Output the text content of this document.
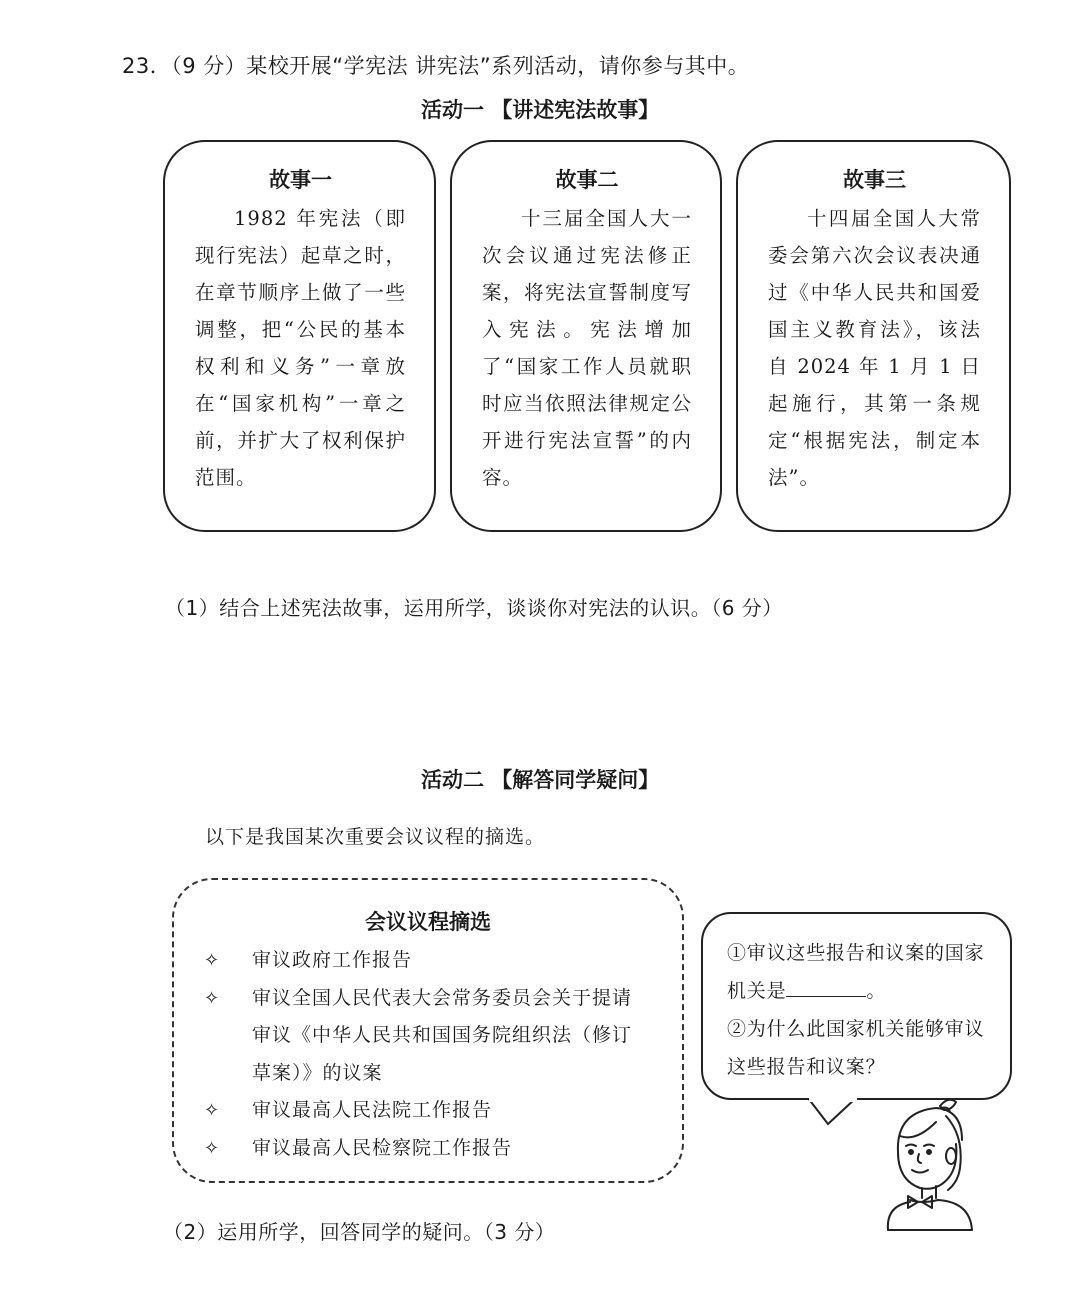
23．（9 分）某校开展“学宪法 讲宪法”系列活动，请你参与其中。
活动一 【讲述宪法故事】
故事一

1982 年宪法（即现行宪法）起草之时，在章节顺序上做了一些调整，把“公民的基本权利和义务”一章放在“国家机构”一章之前，并扩大了权利保护范围。

故事二

十三届全国人大一次会议通过宪法修正案，将宪法宣誓制度写入宪法。宪法增加了“国家工作人员就职时应当依照法律规定公开进行宪法宣誓”的内容。

故事三

十四届全国人大常委会第六次会议表决通过《中华人民共和国爱国主义教育法》，该法自 2024 年 1 月 1 日起施行，其第一条规定“根据宪法，制定本法”。

（1）结合上述宪法故事，运用所学，谈谈你对宪法的认识。（6 分）
活动二 【解答同学疑问】
以下是我国某次重要会议议程的摘选。
会议议程摘选
✧ 审议政府工作报告
✧ 审议全国人民代表大会常务委员会关于提请审议《中华人民共和国国务院组织法（修订草案）》的议案
✧ 审议最高人民法院工作报告
✧ 审议最高人民检察院工作报告

①审议这些报告和议案的国家机关是	。

②为什么此国家机关能够审议这些报告和议案？

（2）运用所学，回答同学的疑问。（3 分）
